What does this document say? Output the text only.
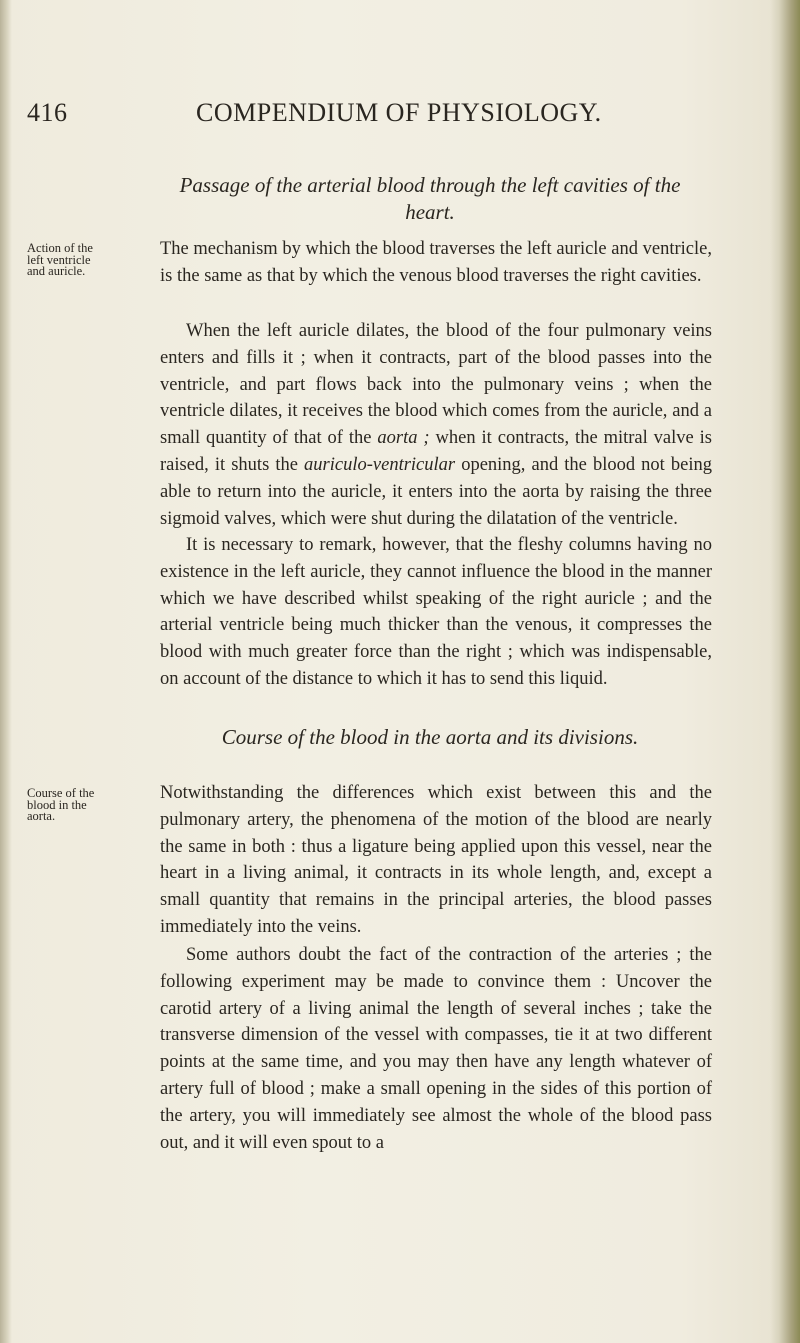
416	COMPENDIUM OF PHYSIOLOGY.
Passage of the arterial blood through the left cavities of the
heart.
Action of the
left ventricle
and auricle.

The mechanism by which the blood traverses the left auricle and ventricle, is the same as that by which the venous blood traverses the right cavities.

When the left auricle dilates, the blood of the four pulmonary veins enters and fills it ; when it contracts, part of the blood passes into the ventricle, and part flows back into the pulmonary veins ; when the ventricle dilates, it receives the blood which comes from the auricle, and a small quantity of that of the aorta ; when it contracts, the mitral valve is raised, it shuts the auriculo-ventricular opening, and the blood not being able to return into the auricle, it enters into the aorta by raising the three sigmoid valves, which were shut during the dilatation of the ventricle.

It is necessary to remark, however, that the fleshy columns having no existence in the left auricle, they cannot influence the blood in the manner which we have described whilst speaking of the right auricle ; and the arterial ventricle being much thicker than the venous, it compresses the blood with much greater force than the right ; which was indispensable, on account of the distance to which it has to send this liquid.

Course of the blood in the aorta and its divisions.
Course of the
blood in the
aorta.

Notwithstanding the differences which exist between this and the pulmonary artery, the phenomena of the motion of the blood are nearly the same in both : thus a ligature being applied upon this vessel, near the heart in a living animal, it contracts in its whole length, and, except a small quantity that remains in the principal arteries, the blood passes immediately into the veins.

Some authors doubt the fact of the contraction of the arteries ; the following experiment may be made to convince them : Uncover the carotid artery of a living animal the length of several inches ; take the transverse dimension of the vessel with compasses, tie it at two different points at the same time, and you may then have any length whatever of artery full of blood ; make a small opening in the sides of this portion of the artery, you will immediately see almost the whole of the blood pass out, and it will even spout to a
